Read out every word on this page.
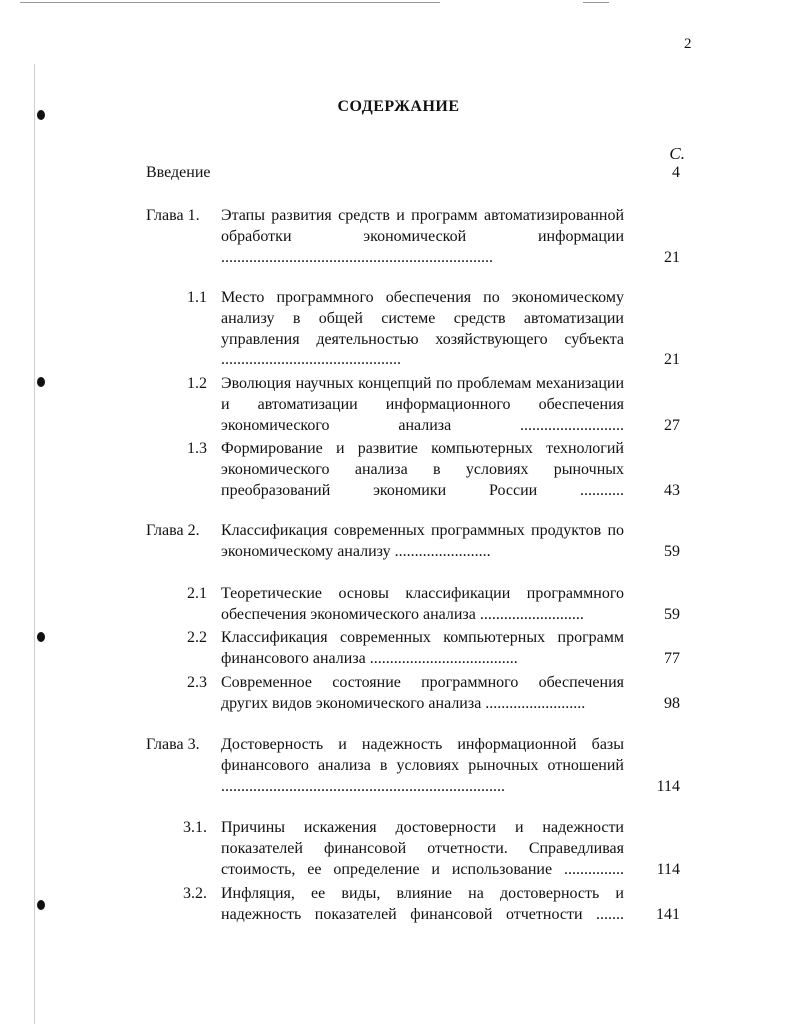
2
СОДЕРЖАНИЕ
С.
Введение	4
Глава 1.	Этапы развития средств и программ автоматизированной обработки экономической информации ....................................................................	21
1.1 Место программного обеспечения по экономическому анализу в общей системе средств автоматизации управления деятельностью хозяйствующего субъекта .............................................	21
1.2 Эволюция научных концепций по проблемам механизации и автоматизации информационного обеспечения экономического анализа ..........................	27
1.3 Формирование и развитие компьютерных технологий экономического анализа в условиях рыночных преобразований экономики России ...........	43
Глава 2.	Классификация современных программных продуктов по экономическому анализу ........................	59
2.1 Теоретические основы классификации программного обеспечения экономического анализа ..........................	59
2.2 Классификация современных компьютерных программ финансового анализа .....................................	77
2.3 Современное состояние программного обеспечения других видов экономического анализа .........................	98
Глава 3.	Достоверность и надежность информационной базы финансового анализа в условиях рыночных отношений .......................................................................	114
3.1. Причины искажения достоверности и надежности показателей финансовой отчетности. Справедливая стоимость, ее определение и использование ...............	114
3.2. Инфляция, ее виды, влияние на достоверность и надежность показателей финансовой отчетности .......	141
